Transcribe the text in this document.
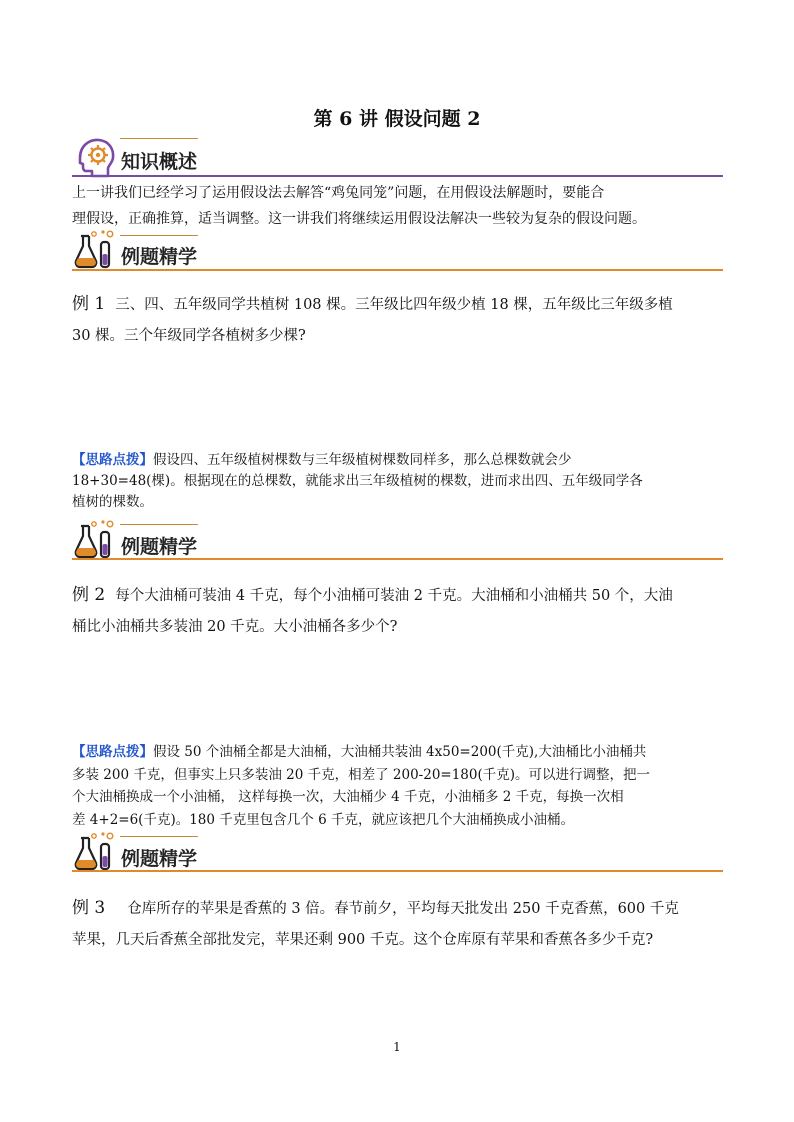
第 6 讲 假设问题 2
知识概述
上一讲我们已经学习了运用假设法去解答“鸡兔同笼”问题，在用假设法解题时，要能合
理假设，正确推算，适当调整。这一讲我们将继续运用假设法解决一些较为复杂的假设问题。
例题精学
例 1 三、四、五年级同学共植树 108 棵。三年级比四年级少植 18 棵，五年级比三年级多植
30 棵。三个年级同学各植树多少棵?
【思路点拨】假设四、五年级植树棵数与三年级植树棵数同样多，那么总棵数就会少
18+30=48(棵)。根据现在的总棵数，就能求出三年级植树的棵数，进而求出四、五年级同学各
植树的棵数。
例题精学
例 2 每个大油桶可装油 4 千克，每个小油桶可装油 2 千克。大油桶和小油桶共 50 个，大油
桶比小油桶共多装油 20 千克。大小油桶各多少个?
【思路点拨】假设 50 个油桶全都是大油桶，大油桶共装油 4x50=200(千克),大油桶比小油桶共
多装 200 千克，但事实上只多装油 20 千克，相差了 200-20=180(千克)。可以进行调整，把一
个大油桶换成一个小油桶， 这样每换一次，大油桶少 4 千克，小油桶多 2 千克，每换一次相
差 4+2=6(千克)。180 千克里包含几个 6 千克，就应该把几个大油桶换成小油桶。
例题精学
例 3 仓库所存的苹果是香蕉的 3 倍。春节前夕，平均每天批发出 250 千克香蕉，600 千克
苹果，几天后香蕉全部批发完，苹果还剩 900 千克。这个仓库原有苹果和香蕉各多少千克?
1
